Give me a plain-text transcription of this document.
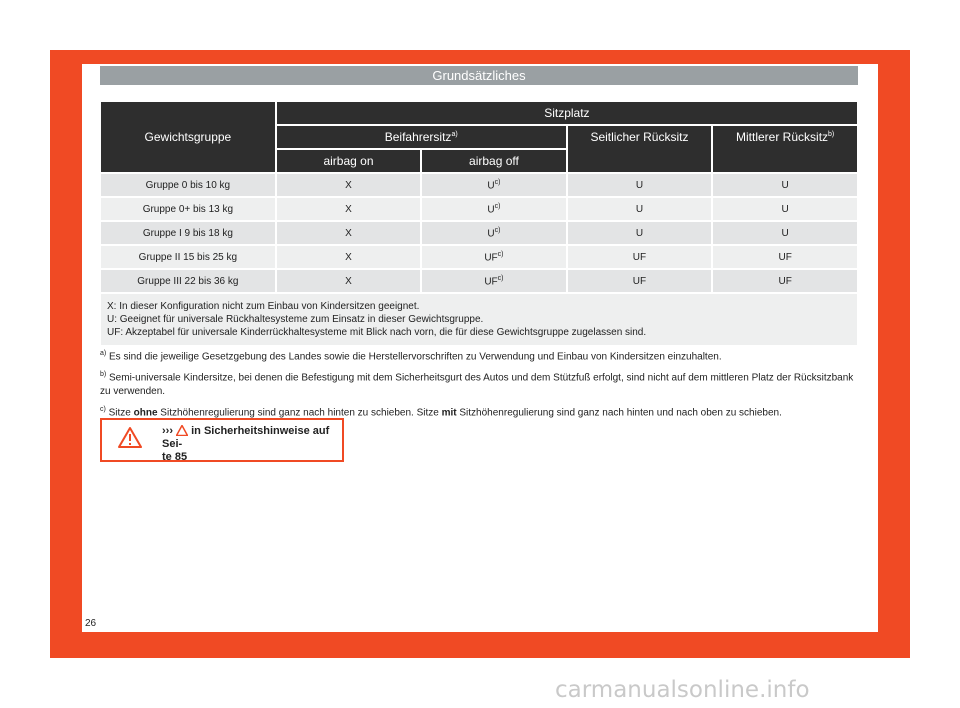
Grundsätzliches
Gewichtsgruppe	Sitzplatz			
	Beifahrersitz$^{a)}$		Seitlicher Rücksitz	Mittlerer Rücksitz$^{b)}$
	airbag on	airbag off		
Gruppe 0 bis 10 kg	X	$U^{c)}$	U	U
Gruppe 0+ bis 13 kg	X	$U^{c)}$	U	U
Gruppe I 9 bis 18 kg	X	$U^{c)}$	U	U
Gruppe II 15 bis 25 kg	X	UF$^{c)}$	UF	UF
Gruppe III 22 bis 36 kg	X	UF$^{c)}$	UF	UF

X: In dieser Konfiguration nicht zum Einbau von Kindersitzen geeignet.
U: Geeignet für universale Rückhaltesysteme zum Einsatz in dieser Gewichtsgruppe.
UF: Akzeptabel für universale Kinderrückhaltesysteme mit Blick nach vorn, die für diese Gewichtsgruppe zugelassen sind.				

$^{a)}$ Es sind die jeweilige Gesetzgebung des Landes sowie die Herstellervorschriften zu Verwendung und Einbau von Kindersitzen einzuhalten.

$^{b)}$ Semi-universale Kindersitze, bei denen die Befestigung mit dem Sicherheitsgurt des Autos und dem Stützfuß erfolgt, sind nicht auf dem mittleren Platz der Rücksitzbank zu verwenden.

$^{c)}$ Sitze ohne Sitzhöhenregulierung sind ganz nach hinten zu schieben. Sitze mit Sitzhöhenregulierung sind ganz nach hinten und nach oben zu schieben.

›››  in Sicherheitshinweise auf Sei-
te 85
26
carmanualsonline.info
